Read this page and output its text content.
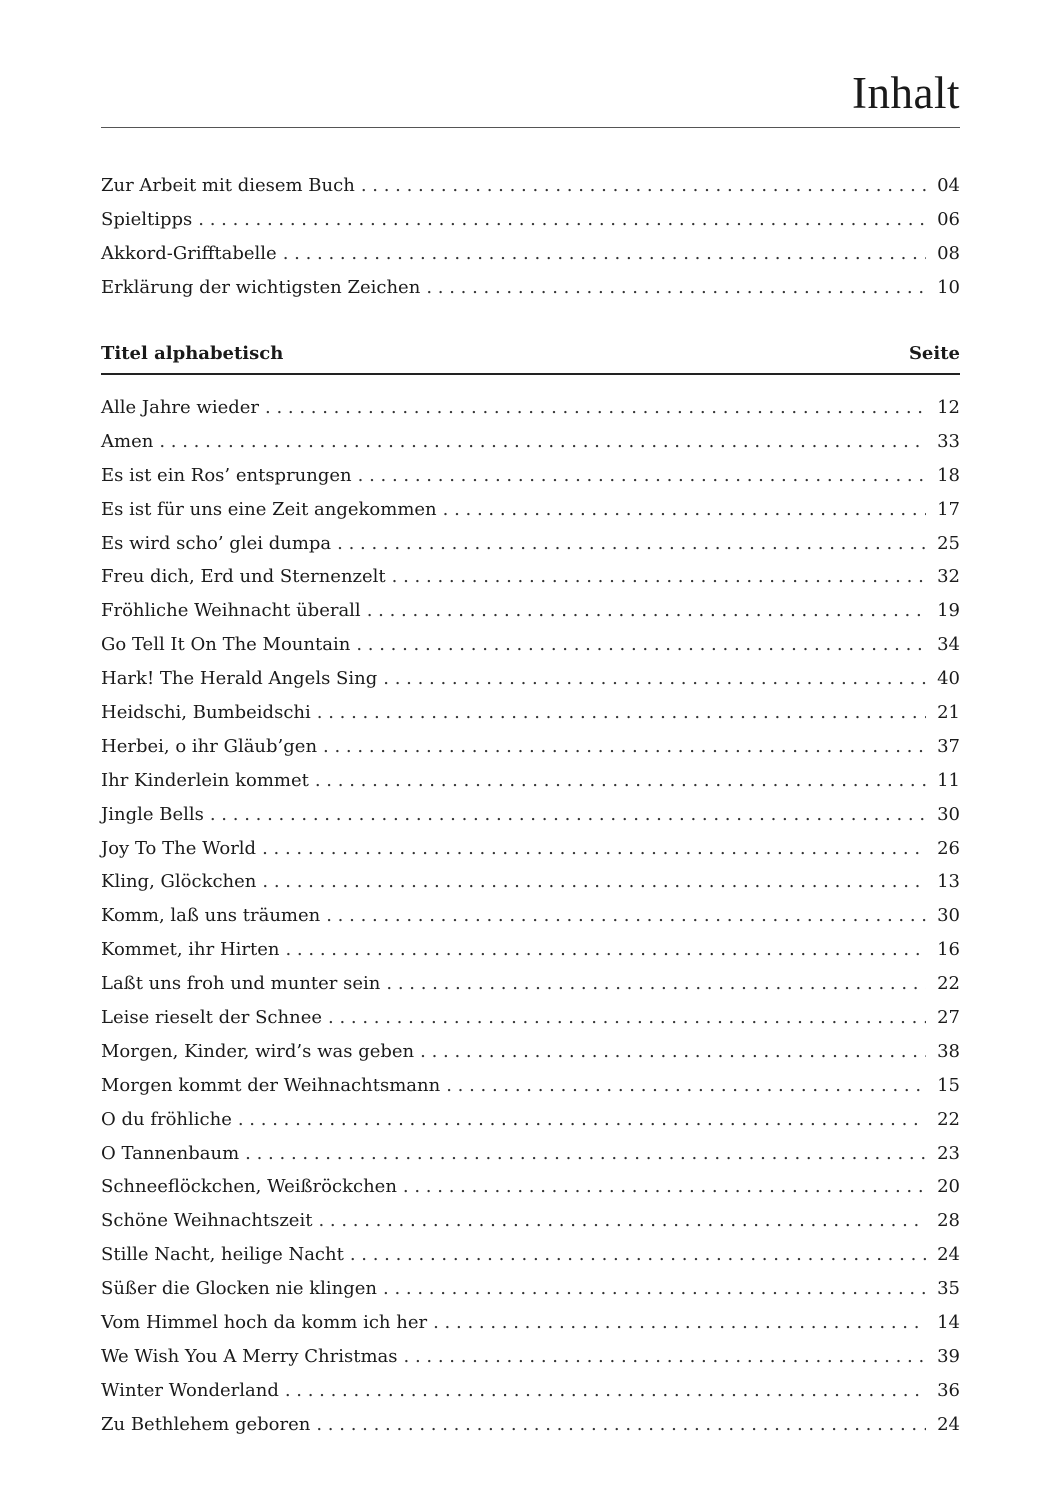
Inhalt
Zur Arbeit mit diesem Buch . . .	04
Spieltipps . . .	06
Akkord-Grifftabelle . . .	08
Erklärung der wichtigsten Zeichen . . .	10
Titel alphabetisch	Seite
Alle Jahre wieder . . .	12
Amen . . .	33
Es ist ein Ros’ entsprungen . . .	18
Es ist für uns eine Zeit angekommen . . .	17
Es wird scho’ glei dumpa . . .	25
Freu dich, Erd und Sternenzelt . . .	32
Fröhliche Weihnacht überall . . .	19
Go Tell It On The Mountain . . .	34
Hark! The Herald Angels Sing . . .	40
Heidschi, Bumbeidschi . . .	21
Herbei, o ihr Gläub’gen . . .	37
Ihr Kinderlein kommet . . .	11
Jingle Bells . . .	30
Joy To The World . . .	26
Kling, Glöckchen . . .	13
Komm, laß uns träumen . . .	30
Kommet, ihr Hirten . . .	16
Laßt uns froh und munter sein . . .	22
Leise rieselt der Schnee . . .	27
Morgen, Kinder, wird’s was geben . . .	38
Morgen kommt der Weihnachtsmann . . .	15
O du fröhliche . . .	22
O Tannenbaum . . .	23
Schneeflöckchen, Weißröckchen . . .	20
Schöne Weihnachtszeit . . .	28
Stille Nacht, heilige Nacht . . .	24
Süßer die Glocken nie klingen . . .	35
Vom Himmel hoch da komm ich her . . .	14
We Wish You A Merry Christmas . . .	39
Winter Wonderland . . .	36
Zu Bethlehem geboren . . .	24
